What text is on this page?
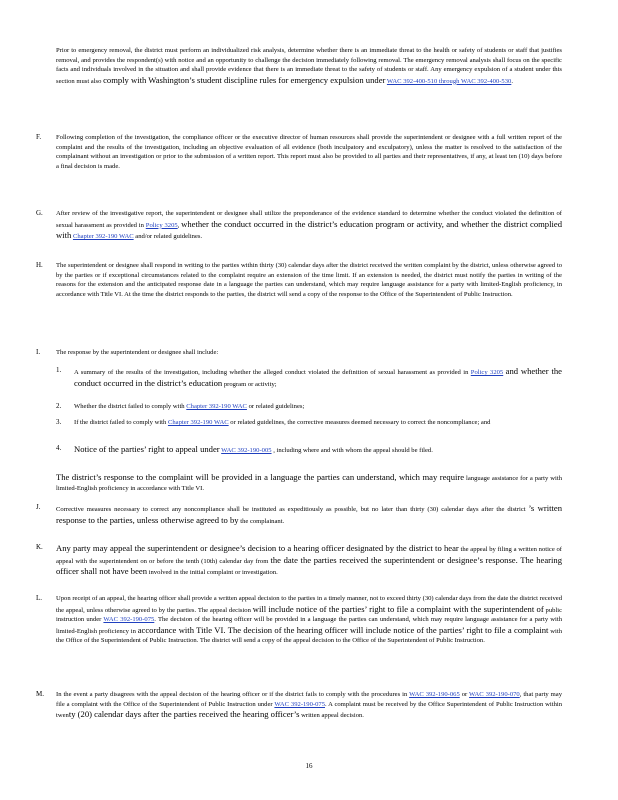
Prior to emergency removal, the district must perform an individualized risk analysis, determine whether there is an immediate threat to the health or safety of students or staff that justifies removal, and provides the respondent(s) with notice and an opportunity to challenge the decision immediately following removal. The emergency removal analysis shall focus on the specific facts and individuals involved in the situation and shall provide evidence that there is an immediate threat to the safety of students or staff. Any emergency expulsion of a student under this section must also comply with Washington’s student discipline rules for emergency expulsion under WAC 392-400-510 through WAC 392-400-530.

F. Following completion of the investigation, the compliance officer or the executive director of human resources shall provide the superintendent or designee with a full written report of the complaint and the results of the investigation, including an objective evaluation of all evidence (both inculpatory and exculpatory), unless the matter is resolved to the satisfaction of the complainant without an investigation or prior to the submission of a written report. This report must also be provided to all parties and their representatives, if any, at least ten (10) days before a final decision is made.

G. After review of the investigative report, the superintendent or designee shall utilize the preponderance of the evidence standard to determine whether the conduct violated the definition of sexual harassment as provided in Policy 3205, whether the conduct occurred in the district’s education program or activity, and whether the district complied with Chapter 392-190 WAC and/or related guidelines.

H. The superintendent or designee shall respond in writing to the parties within thirty (30) calendar days after the district received the written complaint by the district, unless otherwise agreed to by the parties or if exceptional circumstances related to the complaint require an extension of the time limit. If an extension is needed, the district must notify the parties in writing of the reasons for the extension and the anticipated response date in a language the parties can understand, which may require language assistance for a party with limited-English proficiency, in accordance with Title VI. At the time the district responds to the parties, the district will send a copy of the response to the Office of the Superintendent of Public Instruction.

I. The response by the superintendent or designee shall include:

1. A summary of the results of the investigation, including whether the alleged conduct violated the definition of sexual harassment as provided in Policy 3205 and whether the conduct occurred in the district’s education program or activity;

2. Whether the district failed to comply with Chapter 392-190 WAC or related guidelines;

3. If the district failed to comply with Chapter 392-190 WAC or related guidelines, the corrective measures deemed necessary to correct the noncompliance; and

4. Notice of the parties’ right to appeal under WAC 392-190-005 , including where and with whom the appeal should be filed.

The district’s response to the complaint will be provided in a language the parties can understand, which may require language assistance for a party with limited-English proficiency in accordance with Title VI.

J. Corrective measures necessary to correct any noncompliance shall be instituted as expeditiously as possible, but no later than thirty (30) calendar days after the district ’s written response to the parties, unless otherwise agreed to by the complainant.

K. Any party may appeal the superintendent or designee’s decision to a hearing officer designated by the district to hear the appeal by filing a written notice of appeal with the superintendent on or before the tenth (10th) calendar day from the date the parties received the superintendent or designee’s response. The hearing officer shall not have been involved in the initial complaint or investigation.

L. Upon receipt of an appeal, the hearing officer shall provide a written appeal decision to the parties in a timely manner, not to exceed thirty (30) calendar days from the date the district received the appeal, unless otherwise agreed to by the parties. The appeal decision will include notice of the parties’ right to file a complaint with the superintendent of public instruction under WAC 392-190-075. The decision of the hearing officer will be provided in a language the parties can understand, which may require language assistance for a party with limited-English proficiency in accordance with Title VI. The decision of the hearing officer will include notice of the parties’ right to file a complaint with the Office of the Superintendent of Public Instruction. The district will send a copy of the appeal decision to the Office of the Superintendent of Public Instruction.

M. In the event a party disagrees with the appeal decision of the hearing officer or if the district fails to comply with the procedures in WAC 392-190-065 or WAC 392-190-070, that party may file a complaint with the Office of the Superintendent of Public Instruction under WAC 392-190-075. A complaint must be received by the Office Superintendent of Public Instruction within twenty (20) calendar days after the parties received the hearing officer’s written appeal decision.

16
